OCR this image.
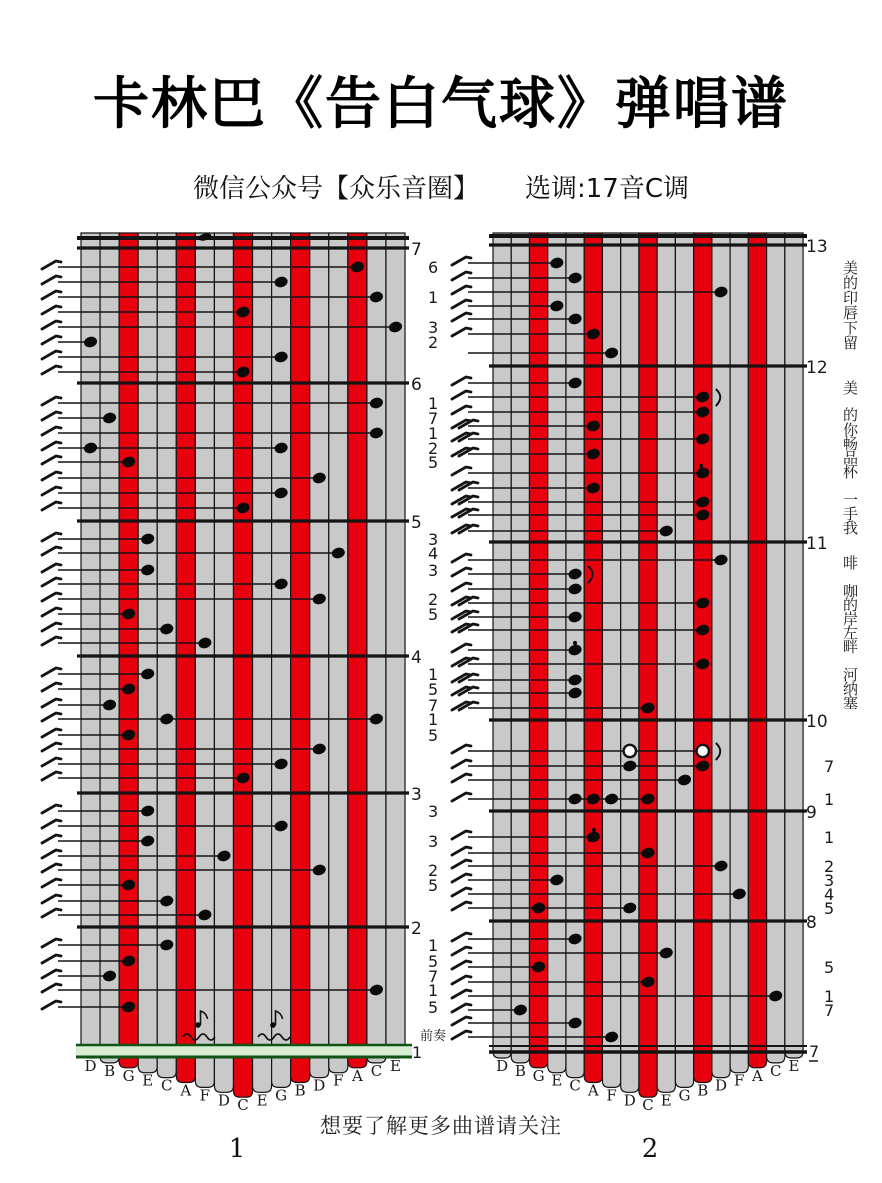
卡林巴《告白气球》弹唱谱
微信公众号【众乐音圈】 选调:17音C调
7
6
5
4
3
2
6
1
3
2
1
7
1
2
5
3
4
3
2
5
1
5
7
1
5
3
3
2
5
1
5
7
1
5
1
前奏
D B G E C A F D C E G B D F A C E
13
12
11
10
9
8
7
1
1
2
3
4
5
5
1
7
美
的
印
唇
下
留
美
的
你
畅
品
杯
一
手
我
啡
咖
的
岸
左
畔
河
纳
塞
7
D B G E C A F D C E G B D F A C E
想要了解更多曲谱请关注
1	2
